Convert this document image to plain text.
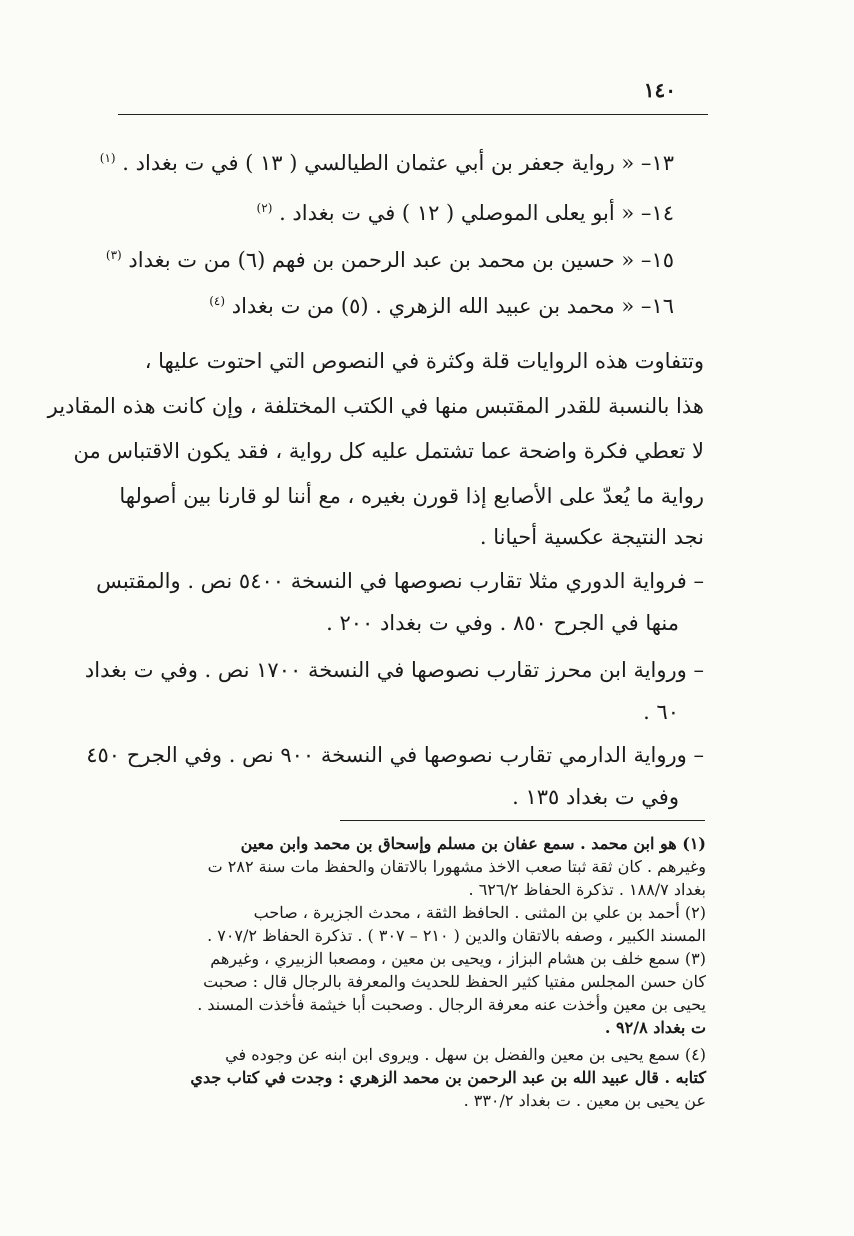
١٤٠
١٣– « رواية جعفر بن أبي عثمان الطيالسي ( ١٣ ) في ت بغداد . $^{(١)}$
١٤– « أبو يعلى الموصلي ( ١٢ ) في ت بغداد . $^{(٢)}$
١٥– « حسين بن محمد بن عبد الرحمن بن فهم (٦) من ت بغداد $^{(٣)}$
١٦– « محمد بن عبيد الله الزهري . (٥) من ت بغداد $^{(٤)}$
وتتفاوت هذه الروايات قلة وكثرة في النصوص التي احتوت عليها ،
هذا بالنسبة للقدر المقتبس منها في الكتب المختلفة ، وإن كانت هذه المقادير
لا تعطي فكرة واضحة عما تشتمل عليه كل رواية ، فقد يكون الاقتباس من
رواية ما يُعدّ على الأصابع إذا قورن بغيره ، مع أننا لو قارنا بين أصولها
نجد النتيجة عكسية أحيانا .
– فرواية الدوري مثلا تقارب نصوصها في النسخة ٥٤٠٠ نص . والمقتبس
منها في الجرح ٨٥٠ . وفي ت بغداد ٢٠٠ .
– ورواية ابن محرز تقارب نصوصها في النسخة ١٧٠٠ نص . وفي ت بغداد
٦٠ .
– ورواية الدارمي تقارب نصوصها في النسخة ٩٠٠ نص . وفي الجرح ٤٥٠
وفي ت بغداد ١٣٥ .
(١) هو ابن محمد . سمع عفان بن مسلم وإسحاق بن محمد وابن معين
وغيرهم . كان ثقة ثبتا صعب الاخذ مشهورا بالاتقان والحفظ مات سنة ٢٨٢ ت
بغداد ١٨٨/٧ . تذكرة الحفاظ ٦٢٦/٢ .
(٢) أحمد بن علي بن المثنى . الحافظ الثقة ، محدث الجزيرة ، صاحب
المسند الكبير ، وصفه بالاتقان والدين ( ٢١٠ – ٣٠٧ ) . تذكرة الحفاظ ٧٠٧/٢ .
(٣) سمع خلف بن هشام البزاز ، ويحيى بن معين ، ومصعبا الزبيري ، وغيرهم
كان حسن المجلس مفتيا كثير الحفظ للحديث والمعرفة بالرجال قال : صحبت
يحيى بن معين وأخذت عنه معرفة الرجال . وصحبت أبا خيثمة فأخذت المسند .
ت بغداد ٩٢/٨ .
(٤) سمع يحيى بن معين والفضل بن سهل . ويروى ابن ابنه عن وجوده في
كتابه . قال عبيد الله بن عبد الرحمن بن محمد الزهري : وجدت في كتاب جدي
عن يحيى بن معين . ت بغداد ٣٣٠/٢ .
